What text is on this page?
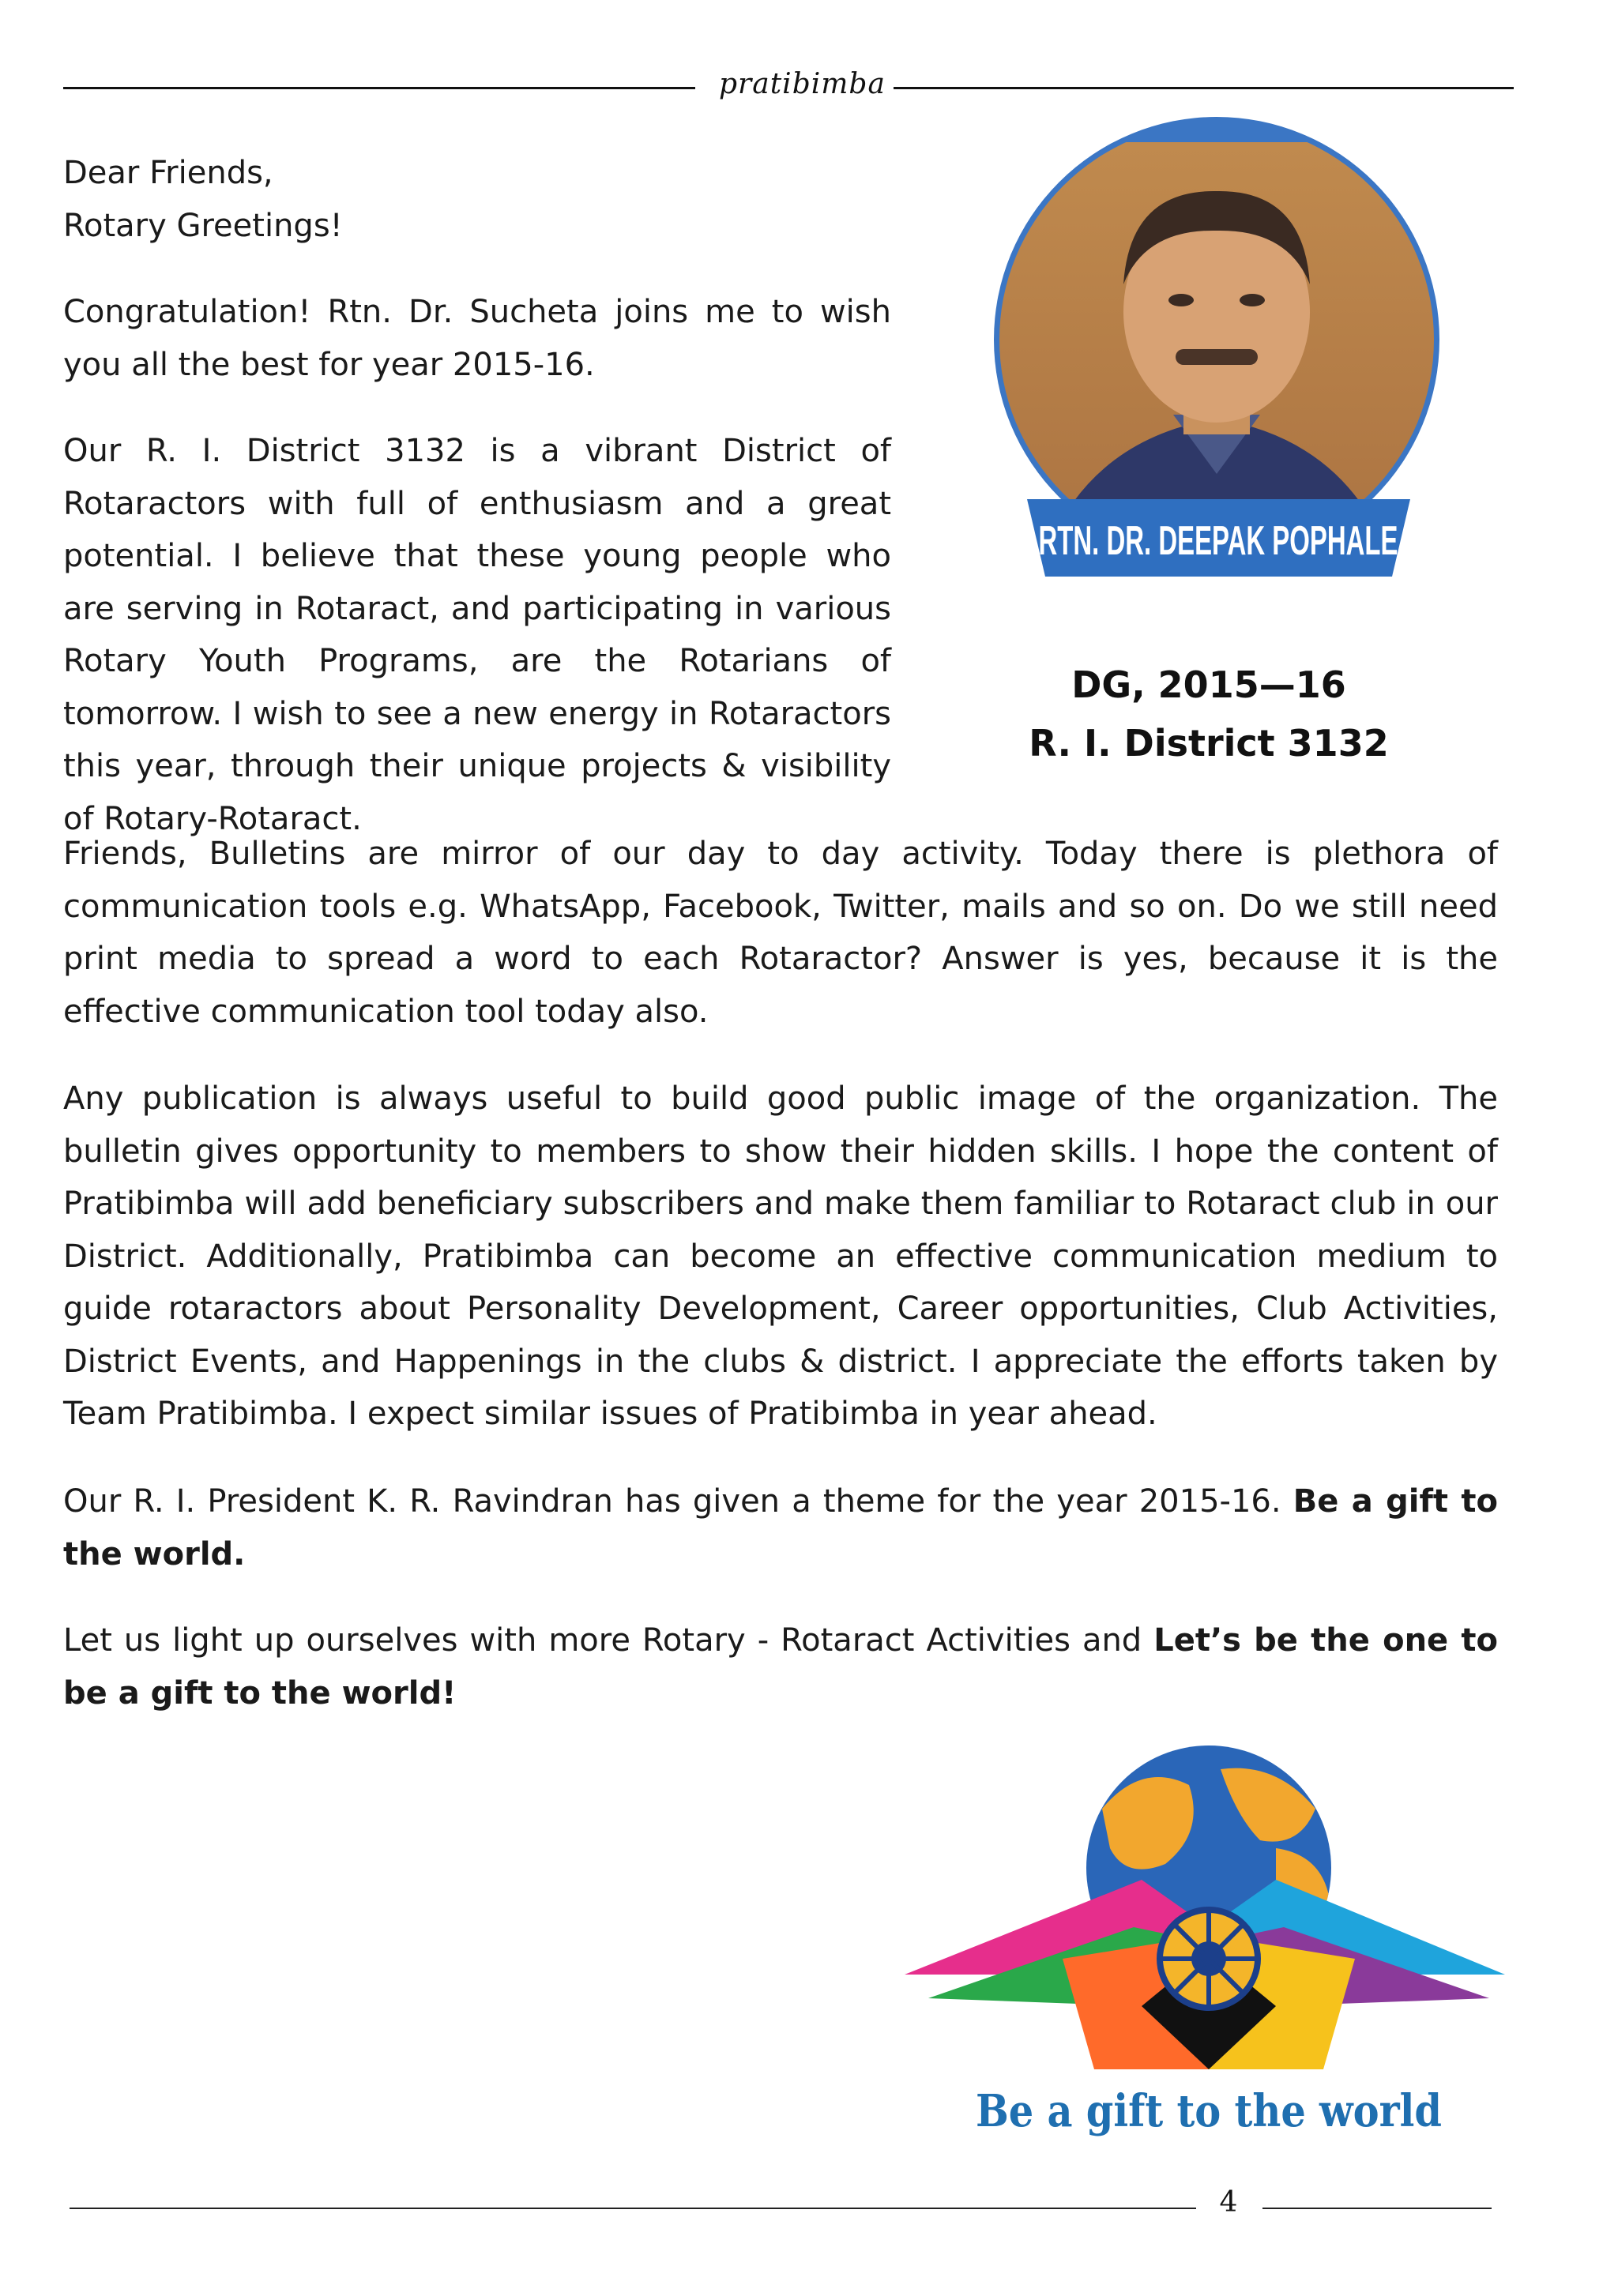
pratibimba
Dear Friends,
Rotary Greetings!

Congratulation! Rtn. Dr. Sucheta joins me to wish you all the best for year 2015-16.

Our R. I. District 3132 is a vibrant District of Rotaractors with full of enthusiasm and a great potential. I believe that these young people who are serving in Rotaract, and participating in various Rotary Youth Programs, are the Rotarians of tomorrow. I wish to see a new energy in Rotaractors this year, through their unique projects & visibility of Rotary-Rotaract.

Friends, Bulletins are mirror of our day to day activity. Today there is plethora of communication tools e.g. WhatsApp, Facebook, Twitter, mails and so on. Do we still need print media to spread a word to each Rotaractor? Answer is yes, because it is the effective communication tool today also.

Any publication is always useful to build good public image of the organization. The bulletin gives opportunity to members to show their hidden skills. I hope the content of Pratibimba will add beneficiary subscribers and make them familiar to Rotaract club in our District. Additionally, Pratibimba can become an effective communication medium to guide rotaractors about Personality Development, Career opportunities, Club Activities, District Events, and Happenings in the clubs & district. I appreciate the efforts taken by Team Pratibimba. I expect similar issues of Pratibimba in year ahead.

Our R. I. President K. R. Ravindran has given a theme for the year 2015-16. Be a gift to the world.

Let us light up ourselves with more Rotary - Rotaract Activities and Let’s be the one to be a gift to the world!

RTN. DR. DEEPAK POPHALE
DG, 2015—16
R. I. District 3132
Be a gift to the world
4
